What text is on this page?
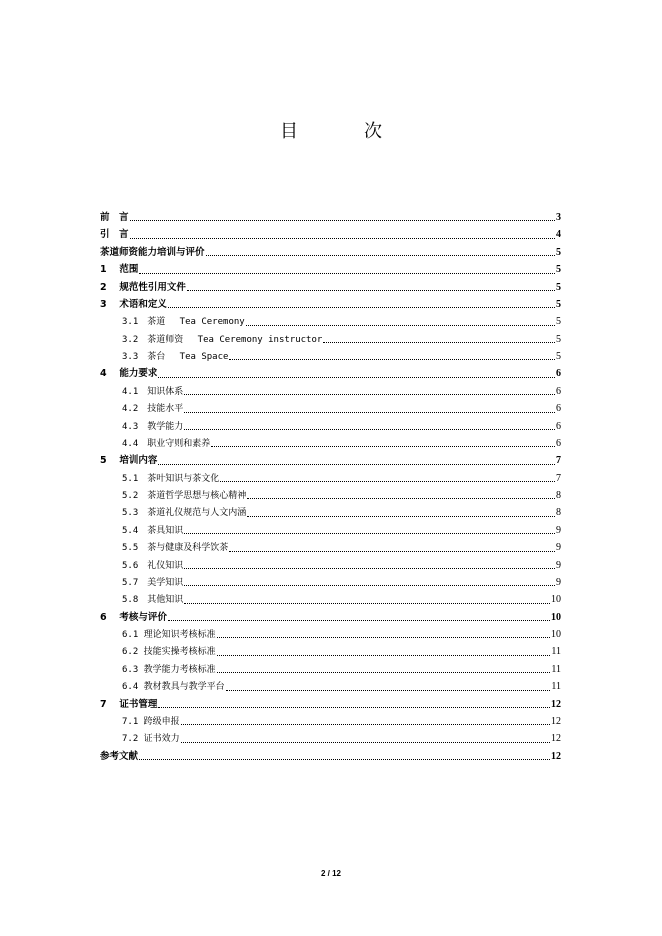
目　次
前　言	3
引　言	4
茶道师资能力培训与评价	5
1　 范围	5
2　 规范性引用文件	5
3　 术语和定义	5
3.1　茶道　 Tea Ceremony	5
3.2　茶道师资　 Tea Ceremony instructor	5
3.3　茶台　 Tea Space	5
4　 能力要求	6
4.1　知识体系	6
4.2　技能水平	6
4.3　教学能力	6
4.4　职业守则和素养	6
5　 培训内容	7
5.1　茶叶知识与茶文化	7
5.2　茶道哲学思想与核心精神	8
5.3　茶道礼仪规范与人文内涵	8
5.4　茶具知识	9
5.5　茶与健康及科学饮茶	9
5.6　礼仪知识	9
5.7　美学知识	9
5.8　其他知识	10
6　 考核与评价	10
6.1 理论知识考核标准	10
6.2 技能实操考核标准	11
6.3 教学能力考核标准	11
6.4 教材教具与教学平台	11
7　 证书管理	12
7.1 跨级申报	12
7.2 证书效力	12
参考文献	12
2 / 12
